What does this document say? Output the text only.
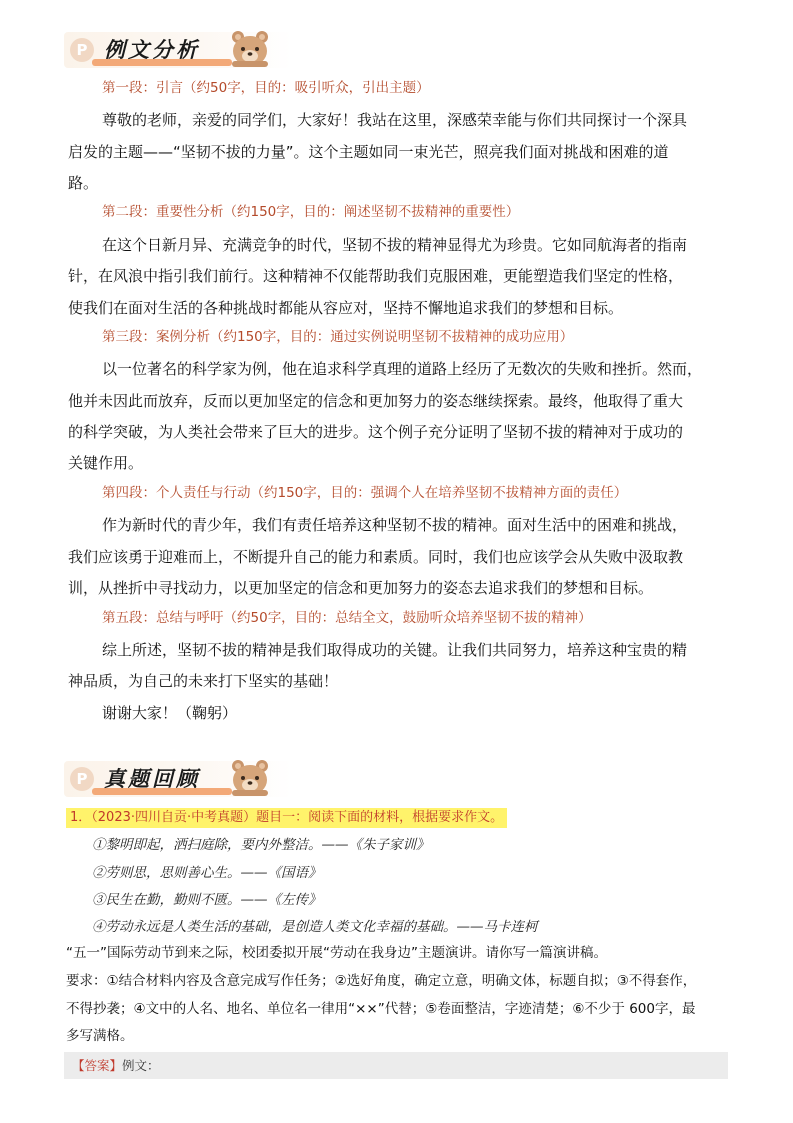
P 例文分析
第一段：引言（约50字，目的：吸引听众，引出主题）
尊敬的老师，亲爱的同学们，大家好！我站在这里，深感荣幸能与你们共同探讨一个深具
启发的主题——“坚韧不拔的力量”。这个主题如同一束光芒，照亮我们面对挑战和困难的道
路。
第二段：重要性分析（约150字，目的：阐述坚韧不拔精神的重要性）
在这个日新月异、充满竞争的时代，坚韧不拔的精神显得尤为珍贵。它如同航海者的指南
针，在风浪中指引我们前行。这种精神不仅能帮助我们克服困难，更能塑造我们坚定的性格，
使我们在面对生活的各种挑战时都能从容应对，坚持不懈地追求我们的梦想和目标。
第三段：案例分析（约150字，目的：通过实例说明坚韧不拔精神的成功应用）
以一位著名的科学家为例，他在追求科学真理的道路上经历了无数次的失败和挫折。然而，
他并未因此而放弃，反而以更加坚定的信念和更加努力的姿态继续探索。最终，他取得了重大
的科学突破，为人类社会带来了巨大的进步。这个例子充分证明了坚韧不拔的精神对于成功的
关键作用。
第四段：个人责任与行动（约150字，目的：强调个人在培养坚韧不拔精神方面的责任）
作为新时代的青少年，我们有责任培养这种坚韧不拔的精神。面对生活中的困难和挑战，
我们应该勇于迎难而上，不断提升自己的能力和素质。同时，我们也应该学会从失败中汲取教
训，从挫折中寻找动力，以更加坚定的信念和更加努力的姿态去追求我们的梦想和目标。
第五段：总结与呼吁（约50字，目的：总结全文，鼓励听众培养坚韧不拔的精神）
综上所述，坚韧不拔的精神是我们取得成功的关键。让我们共同努力，培养这种宝贵的精
神品质，为自己的未来打下坚实的基础！
谢谢大家！（鞠躬）
P 真题回顾
1．（2023·四川自贡·中考真题）题目一：阅读下面的材料，根据要求作文。
①黎明即起，洒扫庭除，要内外整洁。——《朱子家训》
②劳则思，思则善心生。——《国语》
③民生在勤，勤则不匮。——《左传》
④劳动永远是人类生活的基础，是创造人类文化幸福的基础。——马卡连柯
“五一”国际劳动节到来之际，校团委拟开展“劳动在我身边”主题演讲。请你写一篇演讲稿。
要求：①结合材料内容及含意完成写作任务；②选好角度，确定立意，明确文体，标题自拟；③不得套作，
不得抄袭；④文中的人名、地名、单位名一律用“××”代替；⑤卷面整洁，字迹清楚；⑥不少于 600字，最
多写满格。
【答案】例文：
